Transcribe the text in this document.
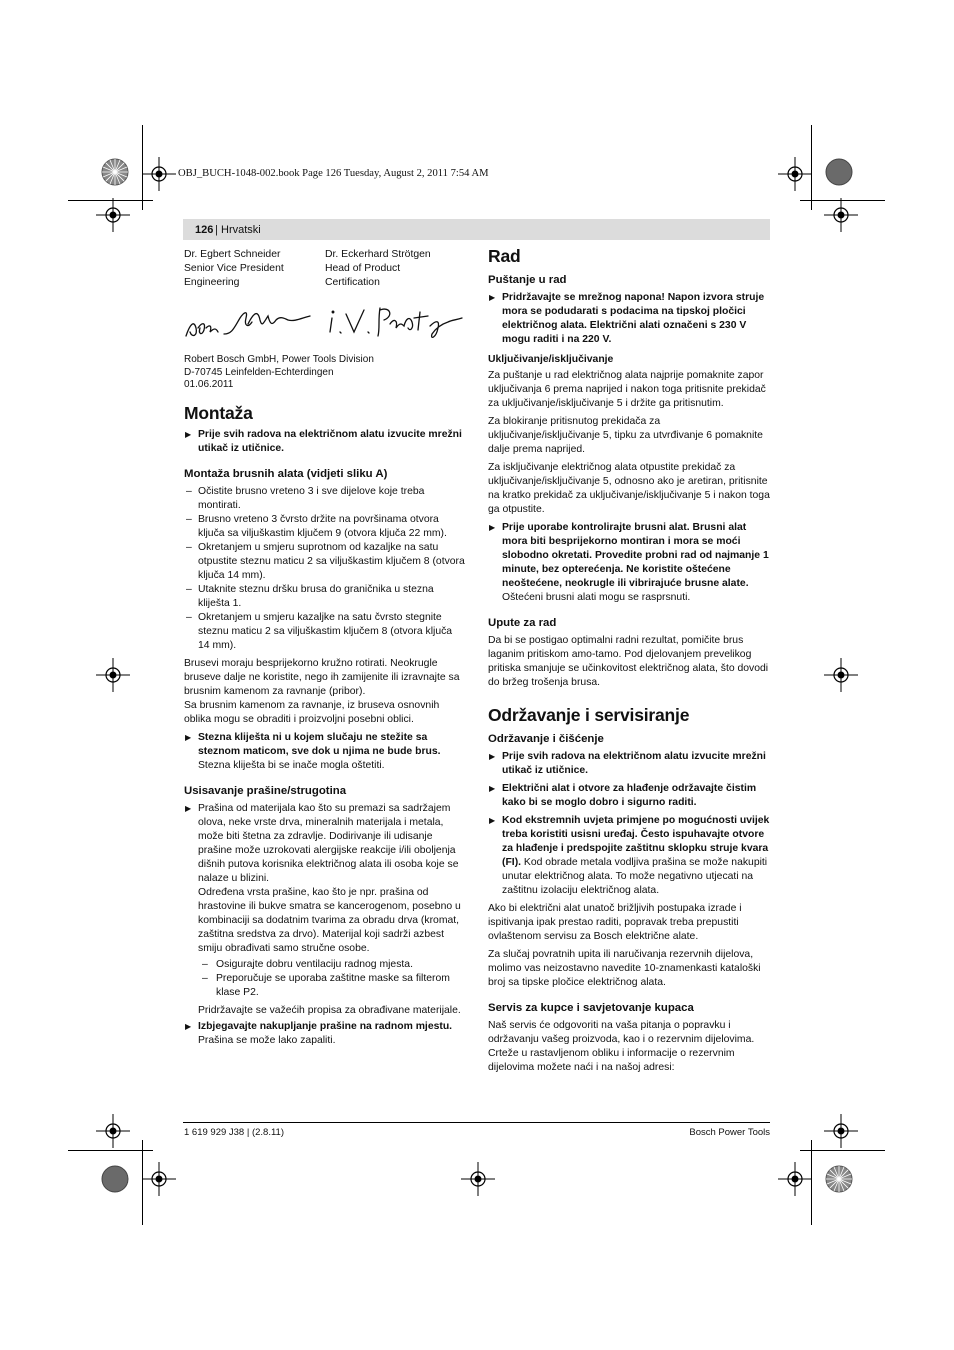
OBJ_BUCH-1048-002.book Page 126 Tuesday, August 2, 2011 7:54 AM
126 | Hrvatski
Dr. Egbert Schneider
Senior Vice President
Engineering
Dr. Eckerhard Strötgen
Head of Product
Certification
Robert Bosch GmbH, Power Tools Division
D-70745 Leinfelden-Echterdingen
01.06.2011
Montaža
▶ Prije svih radova na električnom alatu izvucite mrežni utikač iz utičnice.
Montaža brusnih alata (vidjeti sliku A)
– Očistite brusno vreteno 3 i sve dijelove koje treba montirati.
– Brusno vreteno 3 čvrsto držite na površinama otvora ključa sa viljuškastim ključem 9 (otvora ključa 22 mm).
– Okretanjem u smjeru suprotnom od kazaljke na satu otpustite steznu maticu 2 sa viljuškastim ključem 8 (otvora ključa 14 mm).
– Utaknite steznu dršku brusa do graničnika u stezna kliješta 1.
– Okretanjem u smjeru kazaljke na satu čvrsto stegnite steznu maticu 2 sa viljuškastim ključem 8 (otvora ključa 14 mm).

Brusevi moraju besprijekorno kružno rotirati. Neokrugle bruseve dalje ne koristite, nego ih zamijenite ili izravnajte sa brusnim kamenom za ravnanje (pribor).

Sa brusnim kamenom za ravnanje, iz bruseva osnovnih oblika mogu se obraditi i proizvoljni posebni oblici.

▶ Stezna kliješta ni u kojem slučaju ne stežite sa steznom maticom, sve dok u njima ne bude brus. Stezna kliješta bi se inače mogla oštetiti.
Usisavanje prašine/strugotina
▶ Prašina od materijala kao što su premazi sa sadržajem olova, neke vrste drva, mineralnih materijala i metala, može biti štetna za zdravlje. Dodirivanje ili udisanje prašine može uzrokovati alergijske reakcije i/ili oboljenja dišnih putova korisnika električnog alata ili osoba koje se nalaze u blizini.

Određena vrsta prašine, kao što je npr. prašina od hrastovine ili bukve smatra se kancerogenom, posebno u kombinaciji sa dodatnim tvarima za obradu drva (kromat, zaštitna sredstva za drvo). Materijal koji sadrži azbest smiju obrađivati samo stručne osobe.

– Osigurajte dobru ventilaciju radnog mjesta.
– Preporučuje se uporaba zaštitne maske sa filterom klase P2.

Pridržavajte se važećih propisa za obrađivane materijale.

▶ Izbjegavajte nakupljanje prašine na radnom mjestu.
Prašina se može lako zapaliti.
Rad
Puštanje u rad
▶ Pridržavajte se mrežnog napona! Napon izvora struje mora se podudarati s podacima na tipskoj pločici električnog alata. Električni alati označeni s 230 V mogu raditi i na 220 V.
Uključivanje/isključivanje

Za puštanje u rad električnog alata najprije pomaknite zapor uključivanja 6 prema naprijed i nakon toga pritisnite prekidač za uključivanje/isključivanje 5 i držite ga pritisnutim.

Za blokiranje pritisnutog prekidača za uključivanje/isključivanje 5, tipku za utvrđivanje 6 pomaknite dalje prema naprijed.

Za isključivanje električnog alata otpustite prekidač za uključivanje/isključivanje 5, odnosno ako je aretiran, pritisnite na kratko prekidač za uključivanje/isključivanje 5 i nakon toga ga otpustite.

▶ Prije uporabe kontrolirajte brusni alat. Brusni alat mora biti besprijekorno montiran i mora se moći slobodno okretati. Provedite probni rad od najmanje 1 minute, bez opterećenja. Ne koristite oštećene neoštećene, neokrugle ili vibrirajuće brusne alate.
Oštećeni brusni alati mogu se rasprsnuti.
Upute za rad

Da bi se postigao optimalni radni rezultat, pomičite brus laganim pritiskom amo-tamo. Pod djelovanjem prevelikog pritiska smanjuje se učinkovitost električnog alata, što dovodi do bržeg trošenja brusa.

Održavanje i servisiranje
Održavanje i čišćenje
▶ Prije svih radova na električnom alatu izvucite mrežni utikač iz utičnice.
▶ Električni alat i otvore za hlađenje održavajte čistim kako bi se moglo dobro i sigurno raditi.
▶ Kod ekstremnih uvjeta primjene po mogućnosti uvijek treba koristiti usisni uređaj. Često ispuhavajte otvore za hlađenje i predspojite zaštitnu sklopku struje kvara (FI). Kod obrade metala vodljiva prašina se može nakupiti unutar električnog alata. To može negativno utjecati na zaštitnu izolaciju električnog alata.

Ako bi električni alat unatoč brižljivih postupaka izrade i ispitivanja ipak prestao raditi, popravak treba prepustiti ovlaštenom servisu za Bosch električne alate.

Za slučaj povratnih upita ili naručivanja rezervnih dijelova, molimo vas neizostavno navedite 10-znamenkasti kataloški broj sa tipske pločice električnog alata.

Servis za kupce i savjetovanje kupaca

Naš servis će odgovoriti na vaša pitanja o popravku i održavanju vašeg proizvoda, kao i o rezervnim dijelovima. Crteže u rastavljenom obliku i informacije o rezervnim dijelovima možete naći i na našoj adresi:

1 619 929 J38 | (2.8.11)	Bosch Power Tools
